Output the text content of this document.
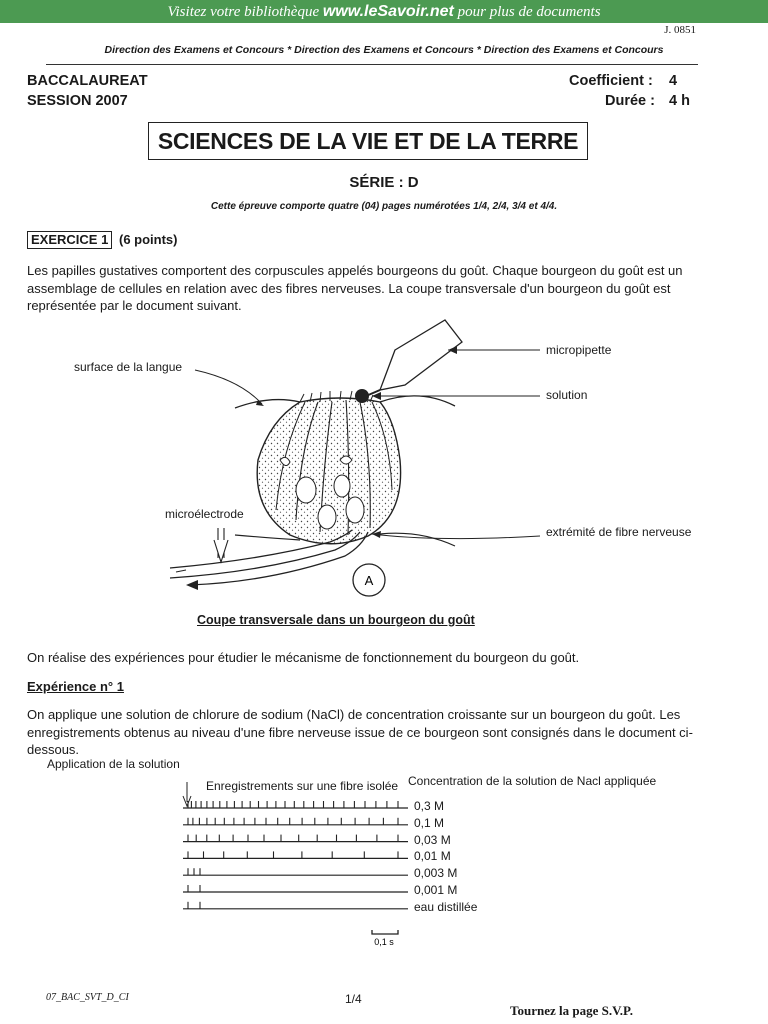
Visitez votre bibliothèque www.leSavoir.net pour plus de documents
J. 0851
Direction des Examens et Concours * Direction des Examens et Concours * Direction des Examens et Concours
BACCALAUREAT
SESSION 2007
Coefficient : 4
Durée : 4 h
SCIENCES DE LA VIE ET DE LA TERRE
SÉRIE : D
Cette épreuve comporte quatre (04) pages numérotées 1/4, 2/4, 3/4 et 4/4.
EXERCICE 1 (6 points)
Les papilles gustatives comportent des corpuscules appelés bourgeons du goût. Chaque bourgeon du goût est un assemblage de cellules en relation avec des fibres nerveuses. La coupe transversale d'un bourgeon du goût est représentée par le document suivant.
A
surface de la langue
micropipette
solution
microélectrode
extrémité de fibre nerveuse
Coupe transversale dans un bourgeon du goût
On réalise des expériences pour étudier le mécanisme de fonctionnement du bourgeon du goût.
Expérience n° 1
On applique une solution de chlorure de sodium (NaCl) de concentration croissante sur un bourgeon du goût. Les enregistrements obtenus au niveau d'une fibre nerveuse issue de ce bourgeon sont consignés dans le document ci-dessous.
Application de la solution
Enregistrements sur une fibre isolée Concentration de la solution de Nacl appliquée
0,1 s
0,3 M
0,1 M
0,03 M
0,01 M
0,003 M
0,001 M
eau distillée
07_BAC_SVT_D_CI	1/4
Tournez la page S.V.P.
